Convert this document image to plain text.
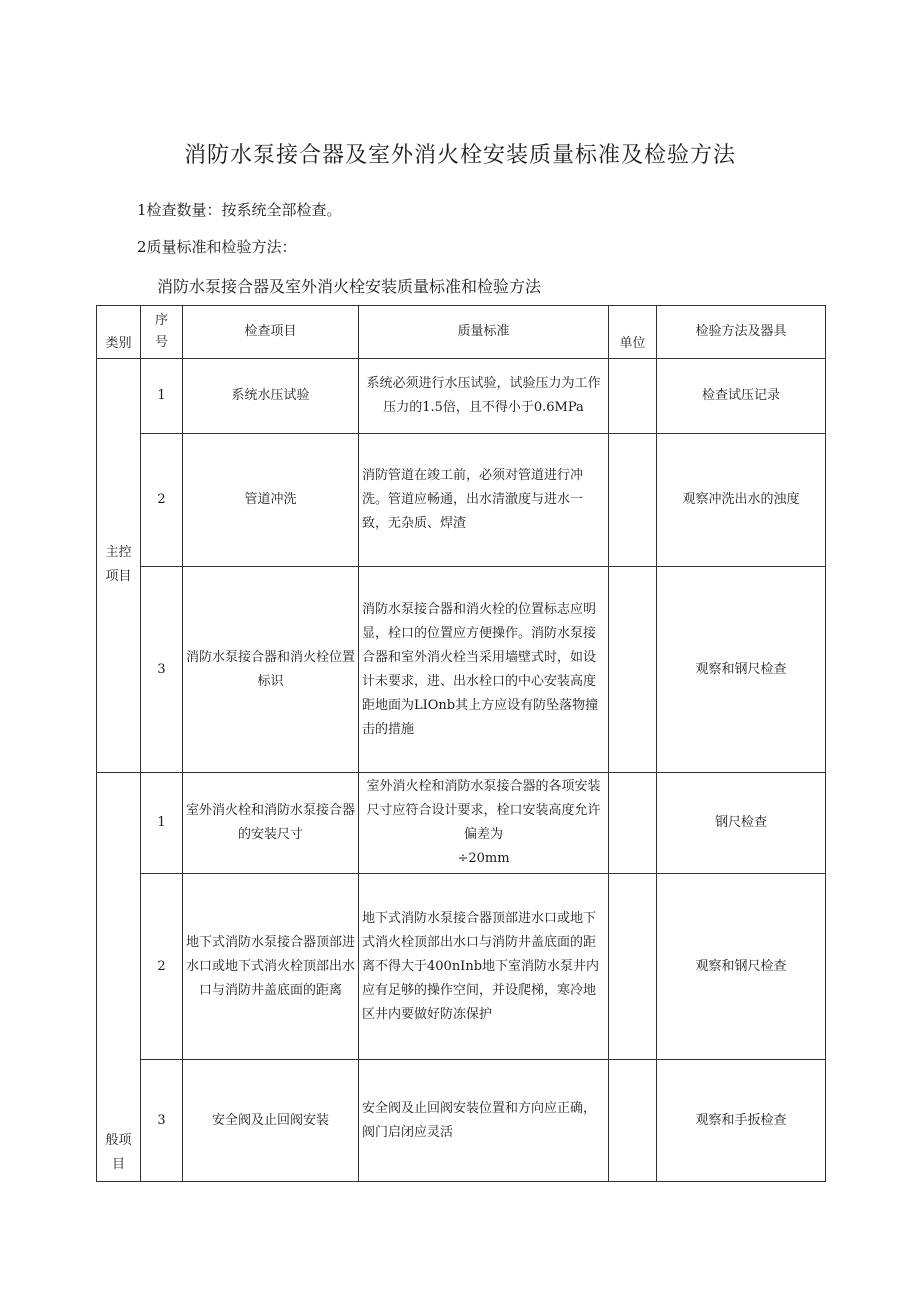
消防水泵接合器及室外消火栓安装质量标准及检验方法
1检查数量：按系统全部检查。
2质量标准和检验方法：
消防水泵接合器及室外消火栓安装质量标准和检验方法
类别	序
号	检查项目	质量标准	单位	检验方法及器具

主控
项目	1	系统水压试验	系统必须进行水压试验，试验压力为工作压力的1.5倍，且不得小于0.6MPa		检查试压记录
	2	管道冲洗	消防管道在竣工前，必须对管道进行冲洗。管道应畅通，出水清澈度与进水一致，无杂质、焊渣		观察冲洗出水的浊度
	3	消防水泵接合器和消火栓位置标识	消防水泵接合器和消火栓的位置标志应明显，栓口的位置应方便操作。消防水泵接合器和室外消火栓当采用墙壁式时，如设计未要求，进、出水栓口的中心安装高度距地面为LIOnb其上方应设有防坠落物撞击的措施		观察和钢尺检查

般项
目	1	室外消火栓和消防水泵接合器的安装尺寸	室外消火栓和消防水泵接合器的各项安装尺寸应符合设计要求，栓口安装高度允许偏差为
÷20mm		钢尺检查
	2	地下式消防水泵接合器顶部进水口或地下式消火栓顶部出水口与消防井盖底面的距离	地下式消防水泵接合器顶部进水口或地下式消火栓顶部出水口与消防井盖底面的距离不得大于400nInb地下室消防水泵井内应有足够的操作空间，并设爬梯，寒冷地区井内要做好防冻保护		观察和钢尺检查
	3	安全阀及止回阀安装	安全阀及止回阀安装位置和方向应正确，阀门启闭应灵活		观察和手扳检查
